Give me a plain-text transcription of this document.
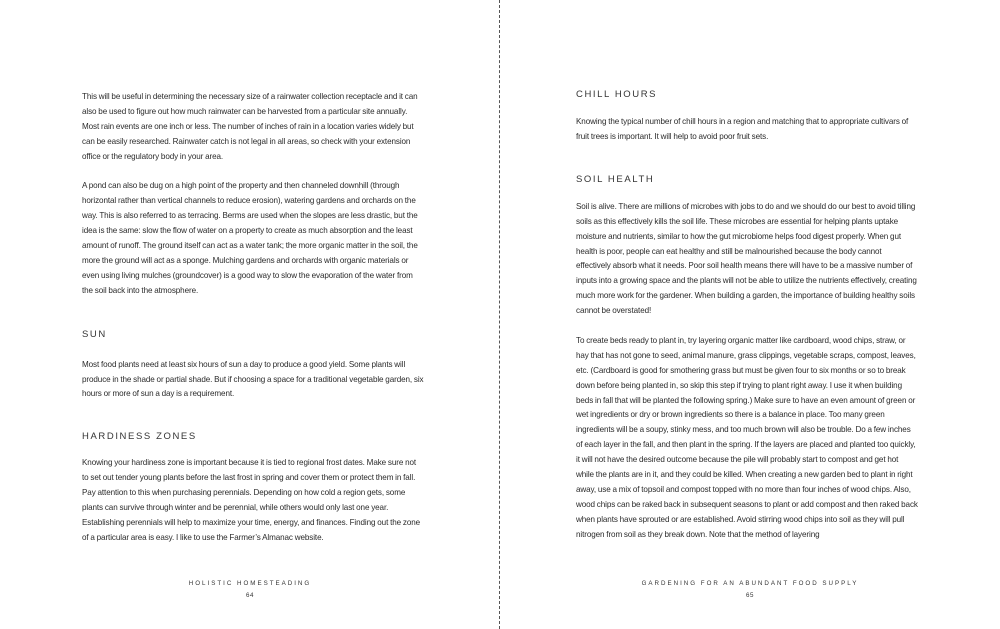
This will be useful in determining the necessary size of a rainwater collection receptacle and it can also be used to figure out how much rainwater can be harvested from a particular site annually. Most rain events are one inch or less. The number of inches of rain in a location varies widely but can be easily researched. Rainwater catch is not legal in all areas, so check with your extension office or the regulatory body in your area.

A pond can also be dug on a high point of the property and then channeled downhill (through horizontal rather than vertical channels to reduce erosion), watering gardens and orchards on the way. This is also referred to as terracing. Berms are used when the slopes are less drastic, but the idea is the same: slow the flow of water on a property to create as much absorption and the least amount of runoff. The ground itself can act as a water tank; the more organic matter in the soil, the more the ground will act as a sponge. Mulching gardens and orchards with organic materials or even using living mulches (groundcover) is a good way to slow the evaporation of the water from the soil back into the atmosphere.

SUN

Most food plants need at least six hours of sun a day to produce a good yield. Some plants will produce in the shade or partial shade. But if choosing a space for a traditional vegetable garden, six hours or more of sun a day is a requirement.

HARDINESS ZONES

Knowing your hardiness zone is important because it is tied to regional frost dates. Make sure not to set out tender young plants before the last frost in spring and cover them or protect them in fall. Pay attention to this when purchasing perennials. Depending on how cold a region gets, some plants can survive through winter and be perennial, while others would only last one year. Establishing perennials will help to maximize your time, energy, and finances. Finding out the zone of a particular area is easy. I like to use the Farmer’s Almanac website.

HOLISTIC HOMESTEADING
64
CHILL HOURS

Knowing the typical number of chill hours in a region and matching that to appropriate cultivars of fruit trees is important. It will help to avoid poor fruit sets.

SOIL HEALTH

Soil is alive. There are millions of microbes with jobs to do and we should do our best to avoid tilling soils as this effectively kills the soil life. These microbes are essential for helping plants uptake moisture and nutrients, similar to how the gut microbiome helps food digest properly. When gut health is poor, people can eat healthy and still be malnourished because the body cannot effectively absorb what it needs. Poor soil health means there will have to be a massive number of inputs into a growing space and the plants will not be able to utilize the nutrients effectively, creating much more work for the gardener. When building a garden, the importance of building healthy soils cannot be overstated!

To create beds ready to plant in, try layering organic matter like cardboard, wood chips, straw, or hay that has not gone to seed, animal manure, grass clippings, vegetable scraps, compost, leaves, etc. (Cardboard is good for smothering grass but must be given four to six months or so to break down before being planted in, so skip this step if trying to plant right away. I use it when building beds in fall that will be planted the following spring.) Make sure to have an even amount of green or wet ingredients or dry or brown ingredients so there is a balance in place. Too many green ingredients will be a soupy, stinky mess, and too much brown will also be trouble. Do a few inches of each layer in the fall, and then plant in the spring. If the layers are placed and planted too quickly, it will not have the desired outcome because the pile will probably start to compost and get hot while the plants are in it, and they could be killed. When creating a new garden bed to plant in right away, use a mix of topsoil and compost topped with no more than four inches of wood chips. Also, wood chips can be raked back in subsequent seasons to plant or add compost and then raked back when plants have sprouted or are established. Avoid stirring wood chips into soil as they will pull nitrogen from soil as they break down. Note that the method of layering

GARDENING FOR AN ABUNDANT FOOD SUPPLY
65
